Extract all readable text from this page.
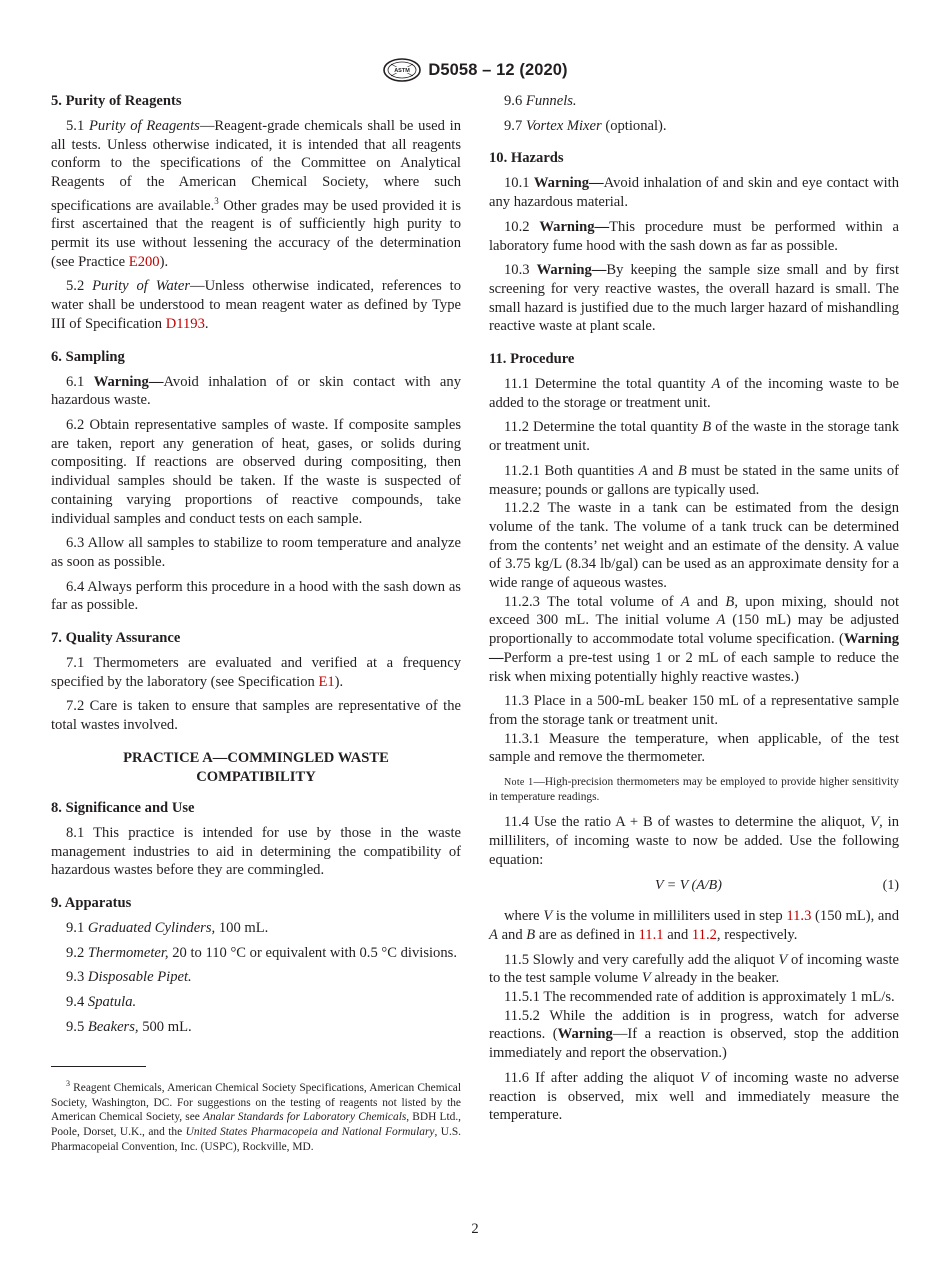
ASTM D5058 – 12 (2020)
5. Purity of Reagents

5.1 Purity of Reagents—Reagent-grade chemicals shall be used in all tests. Unless otherwise indicated, it is intended that all reagents conform to the specifications of the Committee on Analytical Reagents of the American Chemical Society, where such specifications are available.$^3$ Other grades may be used provided it is first ascertained that the reagent is of sufficiently high purity to permit its use without lessening the accuracy of the determination (see Practice E200).

5.2 Purity of Water—Unless otherwise indicated, references to water shall be understood to mean reagent water as defined by Type III of Specification D1193.

6. Sampling

6.1 Warning—Avoid inhalation of or skin contact with any hazardous waste.

6.2 Obtain representative samples of waste. If composite samples are taken, report any generation of heat, gases, or solids during compositing. If reactions are observed during compositing, then individual samples should be taken. If the waste is suspected of containing varying proportions of reactive compounds, take individual samples and conduct tests on each sample.

6.3 Allow all samples to stabilize to room temperature and analyze as soon as possible.

6.4 Always perform this procedure in a hood with the sash down as far as possible.

7. Quality Assurance

7.1 Thermometers are evaluated and verified at a frequency specified by the laboratory (see Specification E1).

7.2 Care is taken to ensure that samples are representative of the total wastes involved.

PRACTICE A—COMMINGLED WASTE
COMPATIBILITY
8. Significance and Use

8.1 This practice is intended for use by those in the waste management industries to aid in determining the compatibility of hazardous wastes before they are commingled.

9. Apparatus

9.1 Graduated Cylinders, 100 mL.

9.2 Thermometer, 20 to 110 °C or equivalent with 0.5 °C divisions.

9.3 Disposable Pipet.

9.4 Spatula.

9.5 Beakers, 500 mL.

$^3$ Reagent Chemicals, American Chemical Society Specifications, American Chemical Society, Washington, DC. For suggestions on the testing of reagents not listed by the American Chemical Society, see Analar Standards for Laboratory Chemicals, BDH Ltd., Poole, Dorset, U.K., and the United States Pharmacopeia and National Formulary, U.S. Pharmacopeial Convention, Inc. (USPC), Rockville, MD.

9.6 Funnels.

9.7 Vortex Mixer (optional).

10. Hazards

10.1 Warning—Avoid inhalation of and skin and eye contact with any hazardous material.

10.2 Warning—This procedure must be performed within a laboratory fume hood with the sash down as far as possible.

10.3 Warning—By keeping the sample size small and by first screening for very reactive wastes, the overall hazard is small. The small hazard is justified due to the much larger hazard of mishandling reactive waste at plant scale.

11. Procedure

11.1 Determine the total quantity A of the incoming waste to be added to the storage or treatment unit.

11.2 Determine the total quantity B of the waste in the storage tank or treatment unit.

11.2.1 Both quantities A and B must be stated in the same units of measure; pounds or gallons are typically used.

11.2.2 The waste in a tank can be estimated from the design volume of the tank. The volume of a tank truck can be determined from the contents’ net weight and an estimate of the density. A value of 3.75 kg/L (8.34 lb/gal) can be used as an approximate density for a wide range of aqueous wastes.

11.2.3 The total volume of A and B, upon mixing, should not exceed 300 mL. The initial volume A (150 mL) may be adjusted proportionally to accommodate total volume specification. (Warning—Perform a pre-test using 1 or 2 mL of each sample to reduce the risk when mixing potentially highly reactive wastes.)

11.3 Place in a 500-mL beaker 150 mL of a representative sample from the storage tank or treatment unit.

11.3.1 Measure the temperature, when applicable, of the test sample and remove the thermometer.

Note 1—High-precision thermometers may be employed to provide higher sensitivity in temperature readings.

11.4 Use the ratio A + B of wastes to determine the aliquot, V, in milliliters, of incoming waste to now be added. Use the following equation:

V = V (A/B)	(1)

where V is the volume in milliliters used in step 11.3 (150 mL), and A and B are as defined in 11.1 and 11.2, respectively.

11.5 Slowly and very carefully add the aliquot V of incoming waste to the test sample volume V already in the beaker.

11.5.1 The recommended rate of addition is approximately 1 mL/s.

11.5.2 While the addition is in progress, watch for adverse reactions. (Warning—If a reaction is observed, stop the addition immediately and report the observation.)

11.6 If after adding the aliquot V of incoming waste no adverse reaction is observed, mix well and immediately measure the temperature.

2
